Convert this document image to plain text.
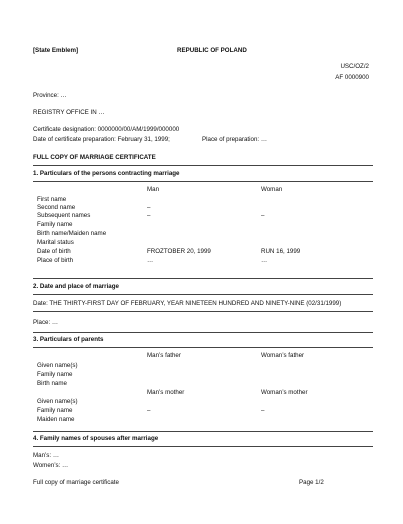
[State Emblem]	REPUBLIC OF POLAND
USC/OZ/2
AF 0000900
Province: …
REGISTRY OFFICE IN …
Certificate designation: 0000000/00/AM/1999/000000
Date of certificate preparation: February 31, 1999;	Place of preparation: …
FULL COPY OF MARRIAGE CERTIFICATE
1. Particulars of the persons contracting marriage
Man	Woman
First name
Second name	–
Subsequent names	–	–
Family name
Birth name/Maiden name
Marital status
Date of birth	FROZTOBER 20, 1999	RUN 16, 1999
Place of birth	…	…
2. Date and place of marriage
Date: THE THIRTY-FIRST DAY OF FEBRUARY, YEAR NINETEEN HUNDRED AND NINETY-NINE (02/31/1999)
Place: …
3. Particulars of parents
Man’s father	Woman’s father
Given name(s)
Family name
Birth name
Man’s mother	Woman’s mother
Given name(s)
Family name	–	–
Maiden name
4. Family names of spouses after marriage
Man’s: …
Women’s: …
Full copy of marriage certificate	Page 1/2
